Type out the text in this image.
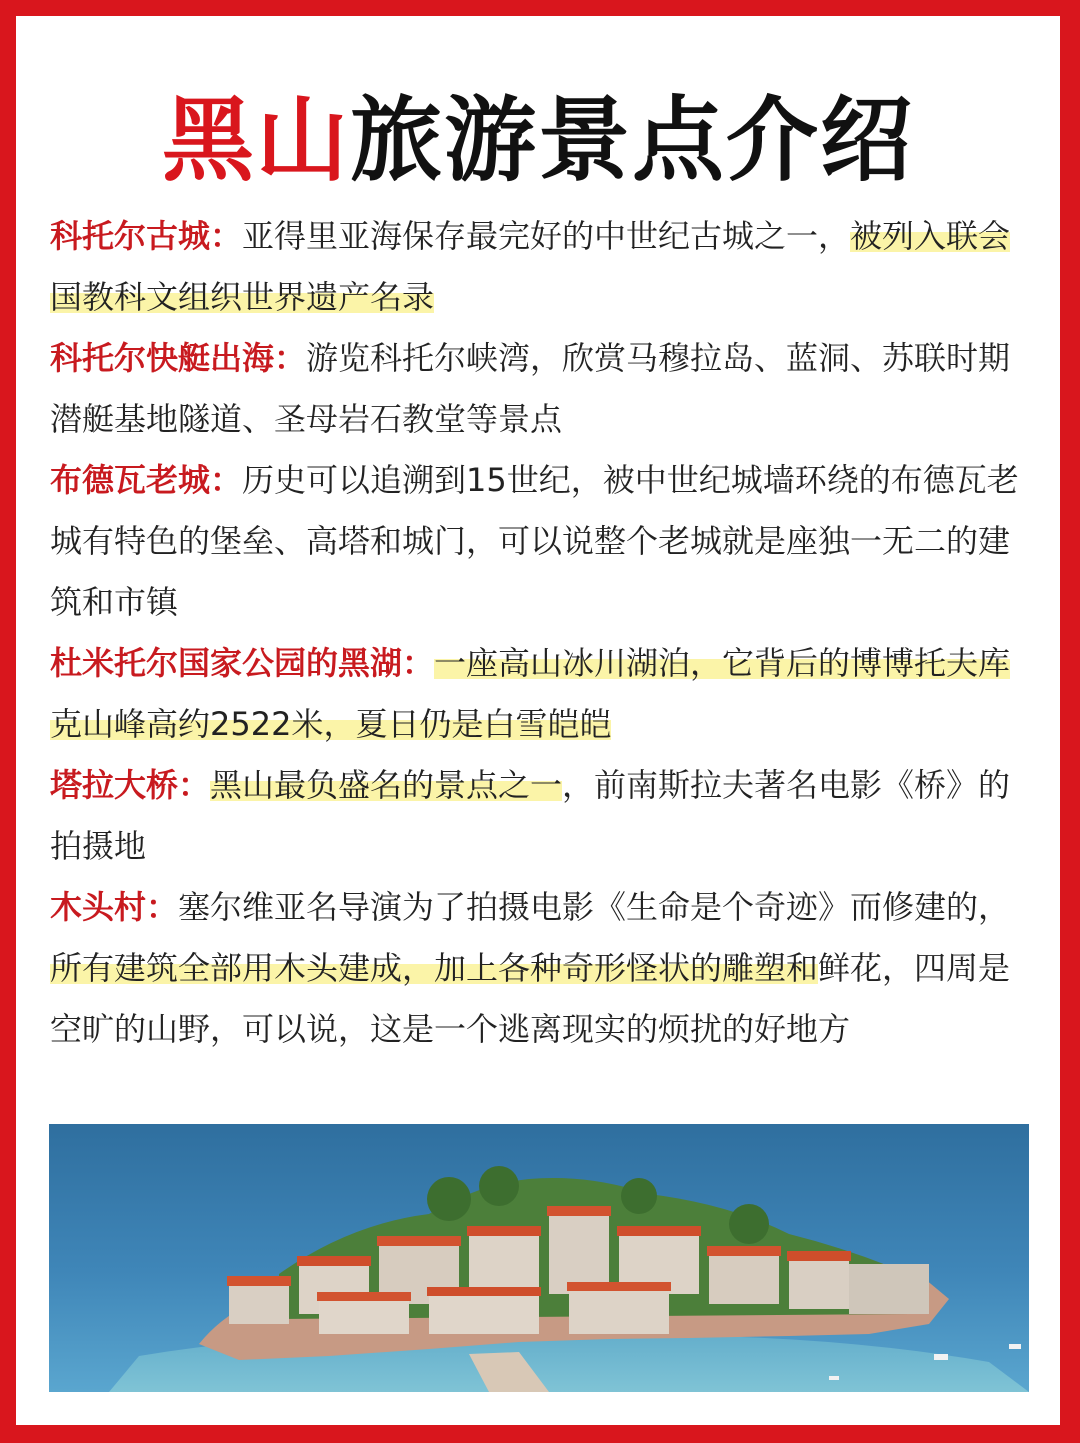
黑山旅游景点介绍

科托尔古城：亚得里亚海保存最完好的中世纪古城之一，被列入联会国教科文组织世界遗产名录

科托尔快艇出海：游览科托尔峡湾，欣赏马穆拉岛、蓝洞、苏联时期潜艇基地隧道、圣母岩石教堂等景点

布德瓦老城：历史可以追溯到15世纪，被中世纪城墙环绕的布德瓦老城有特色的堡垒、高塔和城门，可以说整个老城就是座独一无二的建筑和市镇

杜米托尔国家公园的黑湖：一座高山冰川湖泊，它背后的博博托夫库克山峰高约2522米，夏日仍是白雪皑皑

塔拉大桥：黑山最负盛名的景点之一，前南斯拉夫著名电影《桥》的拍摄地

木头村：塞尔维亚名导演为了拍摄电影《生命是个奇迹》而修建的，所有建筑全部用木头建成，加上各种奇形怪状的雕塑和鲜花，四周是空旷的山野，可以说，这是一个逃离现实的烦扰的好地方
